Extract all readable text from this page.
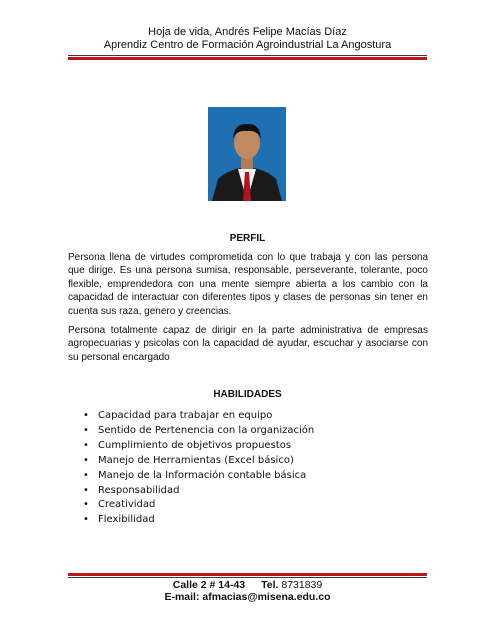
Hoja de vida, Andrés Felipe Macías Díaz
Aprendiz Centro de Formación Agroindustrial La Angostura
PERFIL
Persona llena de virtudes comprometida con lo que trabaja y con las persona que dirige. Es una persona sumisa, responsable, perseverante, tolerante, poco flexible, emprendedora con una mente siempre abierta a los cambio con la capacidad de interactuar con diferentes tipos y clases de personas sin tener en cuenta sus raza, genero y creencias.
Persona totalmente capaz de dirigir en la parte administrativa de empresas agropecuarias y psicolas con la capacidad de ayudar, escuchar y asociarse con su personal encargado
HABILIDADES
• Capacidad para trabajar en equipo
• Sentido de Pertenencia con la organización
• Cumplimiento de objetivos propuestos
• Manejo de Herramientas (Excel básico)
• Manejo de la Información contable básica
• Responsabilidad
• Creatividad
• Flexibilidad
Calle 2 # 14-43 Tel. 8731839
E-mail: afmacias@misena.edu.co
